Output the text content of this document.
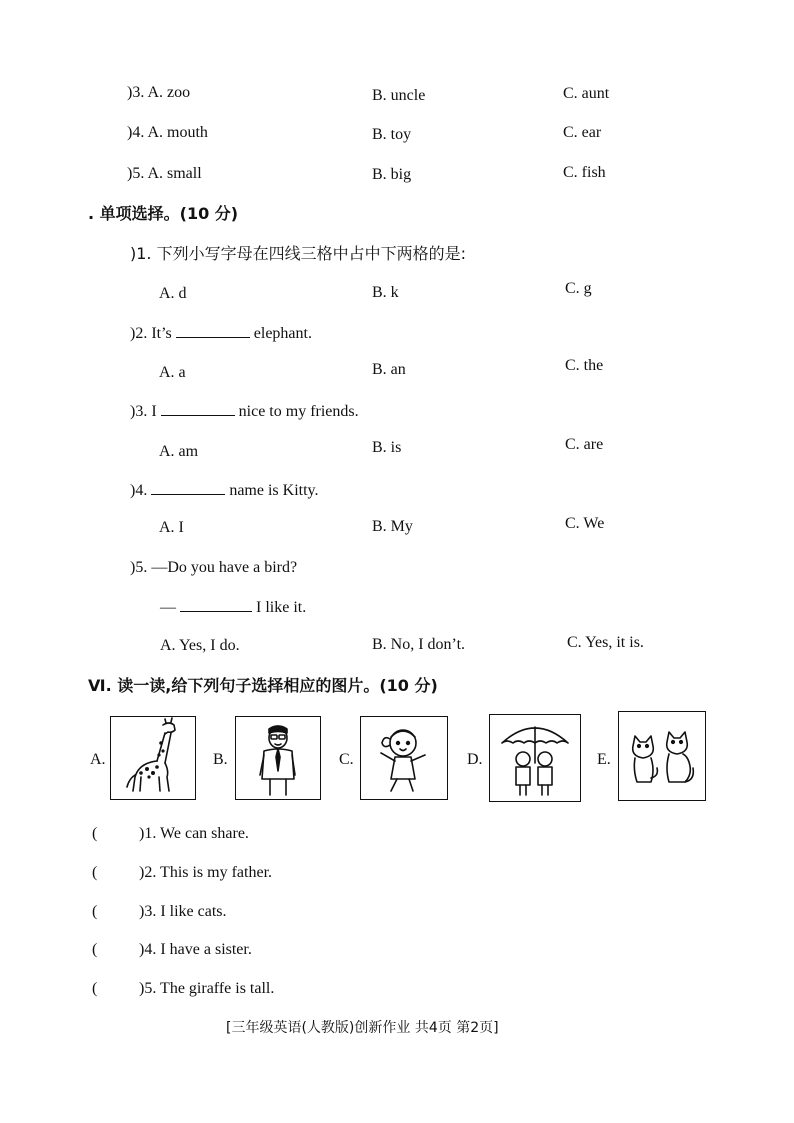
)3. A. zoo	B. uncle	C. aunt
)4. A. mouth	B. toy	C. ear
)5. A. small	B. big	C. fish
. 单项选择。(10 分)
)1. 下列小写字母在四线三格中占中下两格的是:
A. d	B. k	C. g
)2. It’s	elephant.
A. a	B. an	C. the
)3. I	nice to my friends.
A. am	B. is	C. are
)4.	name is Kitty.
A. I	B. My	C. We
)5. —Do you have a bird?
—	I like it.
A. Yes, I do.	B. No, I don’t.	C. Yes, it is.
Ⅵ. 读一读,给下列句子选择相应的图片。(10 分)
A.	B.	C.	D.	E.
(	)1. We can share.
(	)2. This is my father.
(	)3. I like cats.
(	)4. I have a sister.
(	)5. The giraffe is tall.
[三年级英语(人教版)创新作业 共4页 第2页]
